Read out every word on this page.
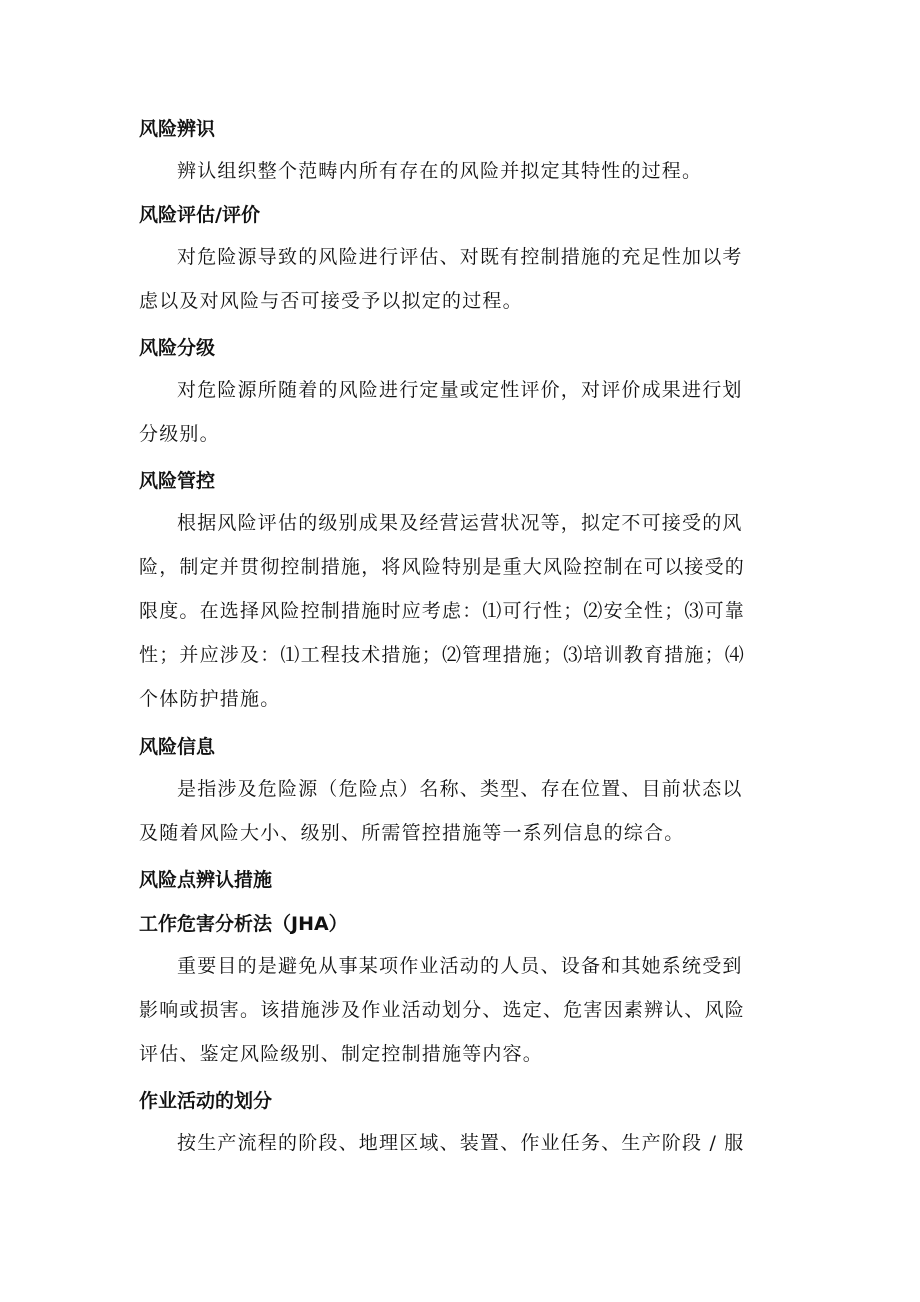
风险辨识
辨认组织整个范畴内所有存在的风险并拟定其特性的过程。
风险评估/评价
对危险源导致的风险进行评估、对既有控制措施的充足性加以考
虑以及对风险与否可接受予以拟定的过程。
风险分级
对危险源所随着的风险进行定量或定性评价，对评价成果进行划
分级别。
风险管控
根据风险评估的级别成果及经营运营状况等，拟定不可接受的风
险，制定并贯彻控制措施，将风险特别是重大风险控制在可以接受的
限度。在选择风险控制措施时应考虑：⑴可行性；⑵安全性；⑶可靠
性；并应涉及：⑴工程技术措施；⑵管理措施；⑶培训教育措施；⑷
个体防护措施。
风险信息
是指涉及危险源（危险点）名称、类型、存在位置、目前状态以
及随着风险大小、级别、所需管控措施等一系列信息的综合。
风险点辨认措施
工作危害分析法（JHA）
重要目的是避免从事某项作业活动的人员、设备和其她系统受到
影响或损害。该措施涉及作业活动划分、选定、危害因素辨认、风险
评估、鉴定风险级别、制定控制措施等内容。
作业活动的划分
按生产流程的阶段、地理区域、装置、作业任务、生产阶段 / 服
